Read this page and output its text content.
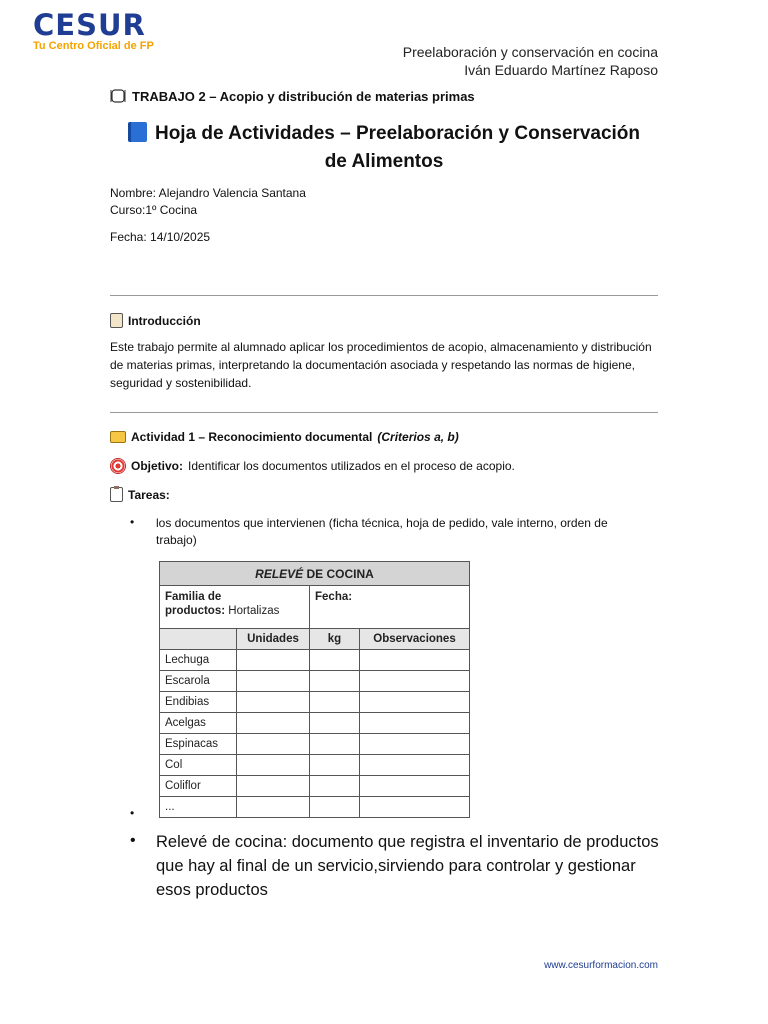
CESUR
Tu Centro Oficial de FP	Preelaboración y conservación en cocina
Iván Eduardo Martínez Raposo
TRABAJO 2 – Acopio y distribución de materias primas
Hoja de Actividades – Preelaboración y Conservación
de Alimentos
Nombre: Alejandro Valencia Santana
Curso:1º Cocina
Fecha: 14/10/2025
Introducción
Este trabajo permite al alumnado aplicar los procedimientos de acopio, almacenamiento y distribución de materias primas, interpretando la documentación asociada y respetando las normas de higiene, seguridad y sostenibilidad.
Actividad 1 – Reconocimiento documental (Criterios a, b)
Objetivo: Identificar los documentos utilizados en el proceso de acopio.
Tareas:
• los documentos que intervienen (ficha técnica, hoja de pedido, vale interno, orden de trabajo)
RELEVÉ DE COCINA			
Familia de
productos: Hortalizas		Fecha:	
	Unidades	kg	Observaciones
Lechuga			
Escarola			
Endibias			
Acelgas			
Espinacas			
Col			
Coliflor			
...			
•
• Relevé de cocina: documento que registra el inventario de productos que hay al final de un servicio,sirviendo para controlar y gestionar esos productos
www.cesurformacion.com
